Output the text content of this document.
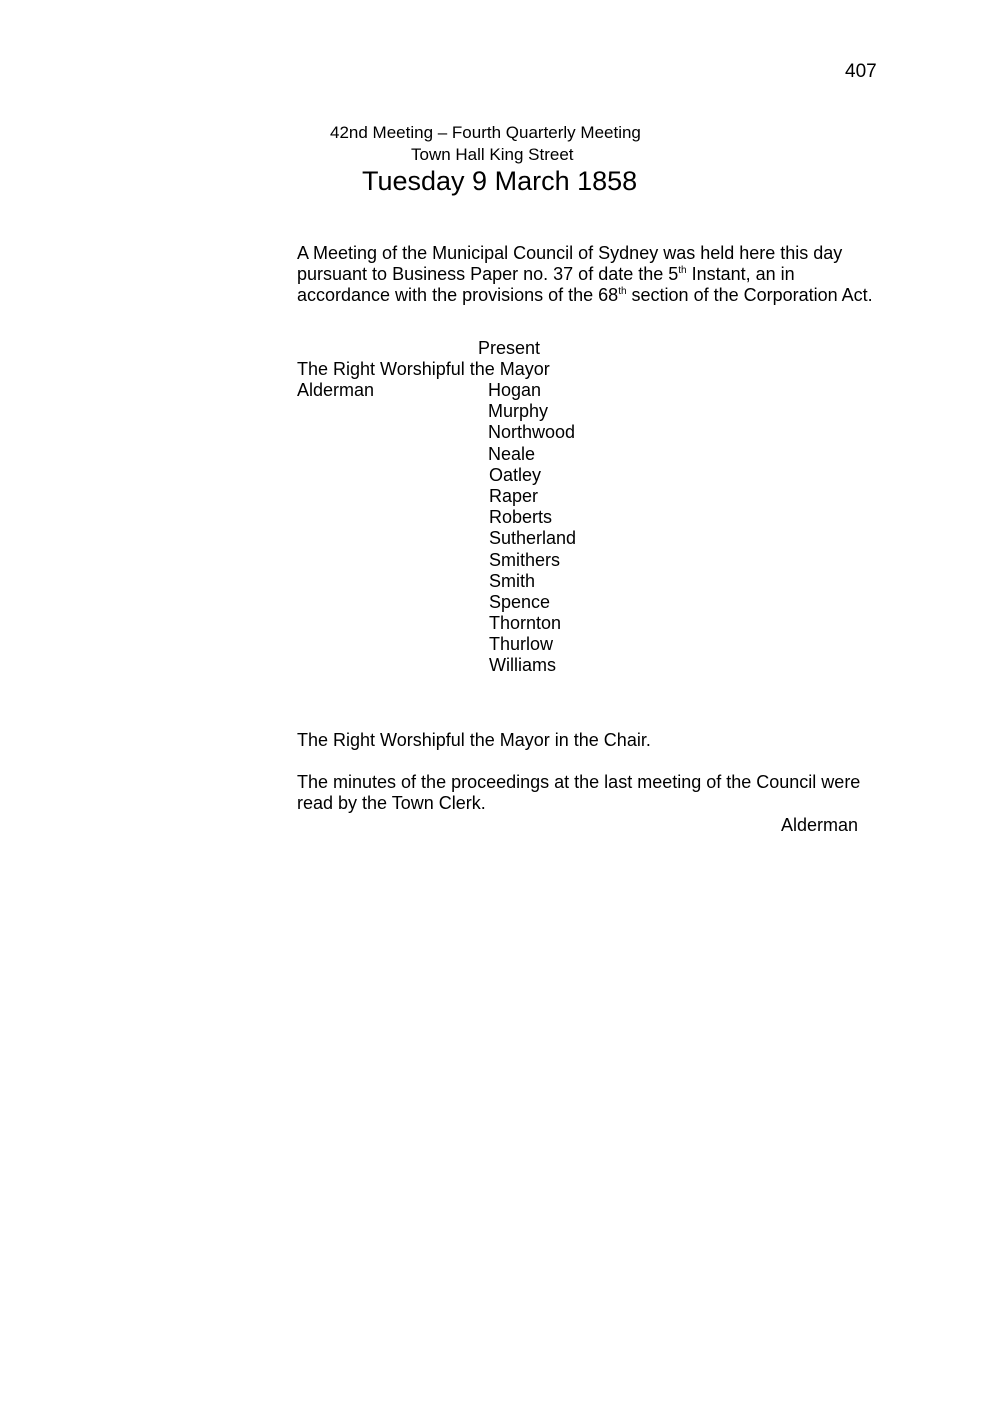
407
42nd Meeting – Fourth Quarterly Meeting
Town Hall King Street
Tuesday 9 March 1858
A Meeting of the Municipal Council of Sydney was held here this day
pursuant to Business Paper no. 37 of date the 5th Instant, an in
accordance with the provisions of the 68th section of the Corporation Act.
Present
The Right Worshipful the Mayor
Alderman	Hogan
Murphy
Northwood
Neale
Oatley
Raper
Roberts
Sutherland
Smithers
Smith
Spence
Thornton
Thurlow
Williams
The Right Worshipful the Mayor in the Chair.
The minutes of the proceedings at the last meeting of the Council were
read by the Town Clerk.
Alderman
